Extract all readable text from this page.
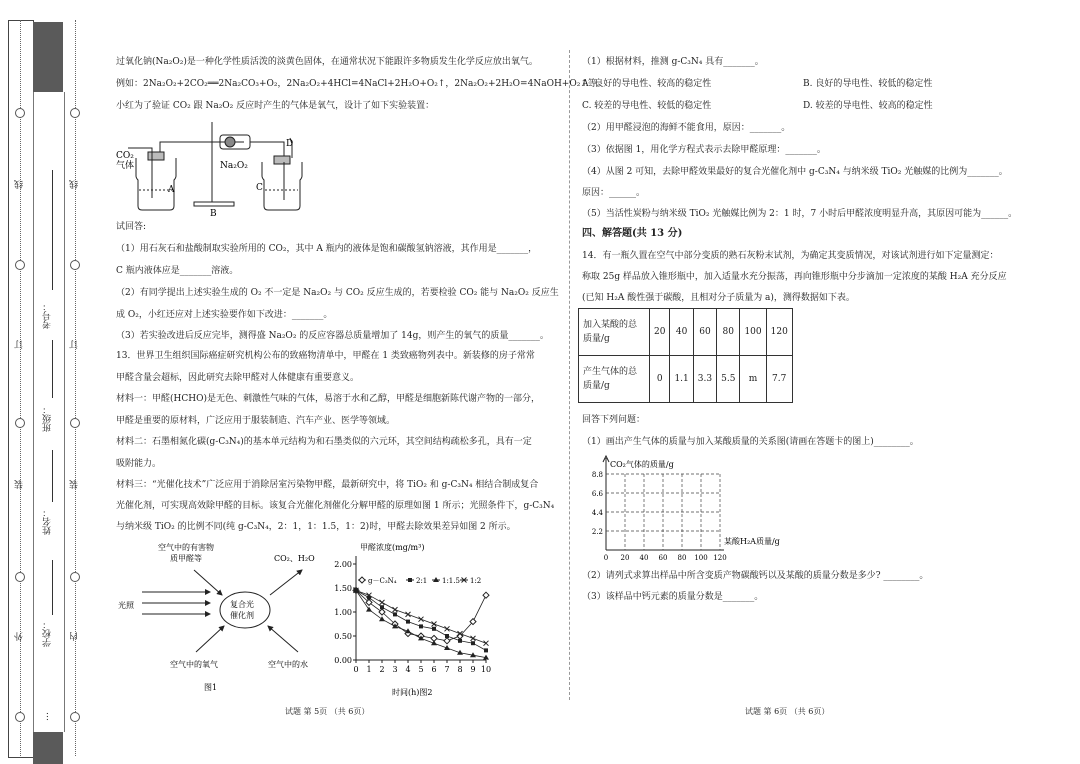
外
装
订
线
内
装
订
线
学校：
姓名：
班级：
考号：
…
过氧化钠(Na₂O₂)是一种化学性质活泼的淡黄色固体，在通常状况下能跟许多物质发生化学反应放出氧气。
例如：2Na₂O₂+2CO₂══2Na₂CO₃+O₂，2Na₂O₂+4HCl=4NaCl+2H₂O+O₂↑，2Na₂O₂+2H₂O=4NaOH+O₂↑等。
小红为了验证 CO₂ 跟 Na₂O₂ 反应时产生的气体是氧气，设计了如下实验装置：
CO₂
气体
A
B
C
D
Na₂O₂
试回答:
（1）用石灰石和盐酸制取实验所用的 CO₂，其中 A 瓶内的液体是饱和碳酸氢钠溶液，其作用是_______，
C 瓶内液体应是_______溶液。
（2）有同学提出上述实验生成的 O₂ 不一定是 Na₂O₂ 与 CO₂ 反应生成的，若要检验 CO₂ 能与 Na₂O₂ 反应生
成 O₂，小红还应对上述实验要作如下改进：_______。
（3）若实验改进后反应完毕，测得盛 Na₂O₂ 的反应容器总质量增加了 14g，则产生的氧气的质量_______。
13．世界卫生组织国际癌症研究机构公布的致癌物清单中，甲醛在 1 类致癌物列表中。新装修的房子常常
甲醛含量会超标，因此研究去除甲醛对人体健康有重要意义。
材料一：甲醛(HCHO)是无色、刺激性气味的气体，易溶于水和乙醇，甲醛是细胞新陈代谢产物的一部分，
甲醛是重要的原材料，广泛应用于服装制造、汽车产业、医学等领域。
材料二：石墨相氮化碳(g-C₃N₄)的基本单元结构为和石墨类似的六元环，其空间结构疏松多孔，具有一定
吸附能力。
材料三：“光催化技术”广泛应用于消除居室污染物甲醛，最新研究中，将 TiO₂ 和 g-C₃N₄ 相结合制成复合
光催化剂，可实现高效除甲醛的目标。该复合光催化剂催化分解甲醛的原理如图 1 所示；光照条件下，g-C₃N₄
与纳米级 TiO₂ 的比例不同(纯 g-C₃N₄，2：1，1：1.5，1：2)时，甲醛去除效果差异如图 2 所示。
空气中的有害物
质甲醛等	CO₂、H₂O
光照	复合光
催化剂
空气中的氧气	空气中的水
图1
甲醛浓度(mg/m³)
时间(h)图2
2.00
1.50
1.00
0.50
0.00
0 1 2 3 4 5 6 7 8 9 10
g－C₃N₄	2:1 1:1.5 1:2
试题 第 5页 （共 6页）
（1）根据材料，推测 g-C₃N₄ 具有_______。
A. 良好的导电性、较高的稳定性	B. 良好的导电性、较低的稳定性
C. 较差的导电性、较低的稳定性	D. 较差的导电性、较高的稳定性
（2）用甲醛浸泡的海鲜不能食用，原因：_______。
（3）依据图 1，用化学方程式表示去除甲醛原理：_______。
（4）从图 2 可知，去除甲醛效果最好的复合光催化剂中 g-C₃N₄ 与纳米级 TiO₂ 光触媒的比例为_______。
原因：______。
（5）当活性炭粉与纳米级 TiO₂ 光触媒比例为 2：1 时，7 小时后甲醛浓度明显升高，其原因可能为______。
四、解答题(共 13 分)
14．有一瓶久置在空气中部分变质的熟石灰粉末试剂，为确定其变质情况，对该试剂进行如下定量测定：
称取 25g 样品放入锥形瓶中，加入适量水充分振荡，再向锥形瓶中分步滴加一定浓度的某酸 H₂A 充分反应
(已知 H₂A 酸性强于碳酸，且相对分子质量为 a)，测得数据如下表。
加入某酸的总
质量/g	20	40	60	80	100	120

产生气体的总
质量/g	0	1.1	3.3	5.5	m	7.7
回答下列问题：
（1）画出产生气体的质量与加入某酸质量的关系图(请画在答题卡的图上)________。
CO₂气体的质量/g
某酸H₂A质量/g
8.8
6.6
4.4
2.2
0 20 40 60 80 100 120
（2）请列式求算出样品中所含变质产物碳酸钙以及某酸的质量分数是多少? ________。
（3）该样品中钙元素的质量分数是_______。
试题 第 6页 （共 6页）
